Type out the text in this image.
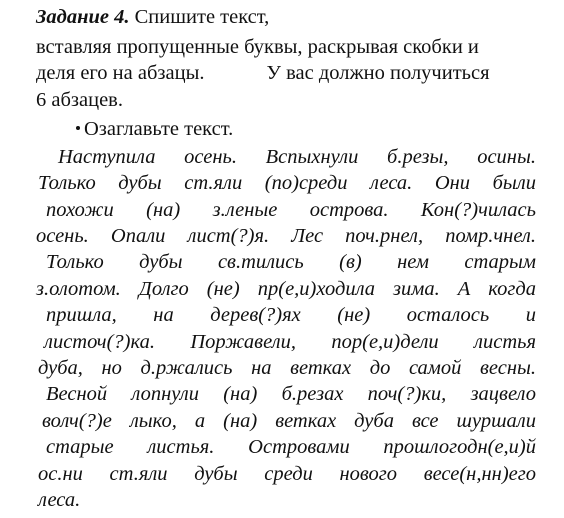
Задание 4. Спишите текст,
вставляя пропущенные буквы, раскрывая скобки и
деля его на абзацы.	У вас должно получиться
6 абзацев.
Озаглавьте текст.
Наступила осень. Вспыхнули б.резы, осины.
Только дубы ст.яли (по)среди леса. Они были
похожи (на) з.леные острова. Кон(?)чилась
осень. Опали лист(?)я. Лес поч.рнел, помр.чнел.
Только дубы св.тились (в) нем старым
з.олотом. Долго (не) пр(е,и)ходила зима. А когда
пришла, на дерев(?)ях (не) осталось и
листоч(?)ка. Поржавели, пор(е,и)дели листья
дуба, но д.ржались на ветках до самой весны.
Весной лопнули (на) б.резах поч(?)ки, зацвело
волч(?)е лыко, а (на) ветках дуба все шуршали
старые листья. Островами прошлогодн(е,и)й
ос.ни ст.яли дубы среди нового весе(н,нн)его
леса.
